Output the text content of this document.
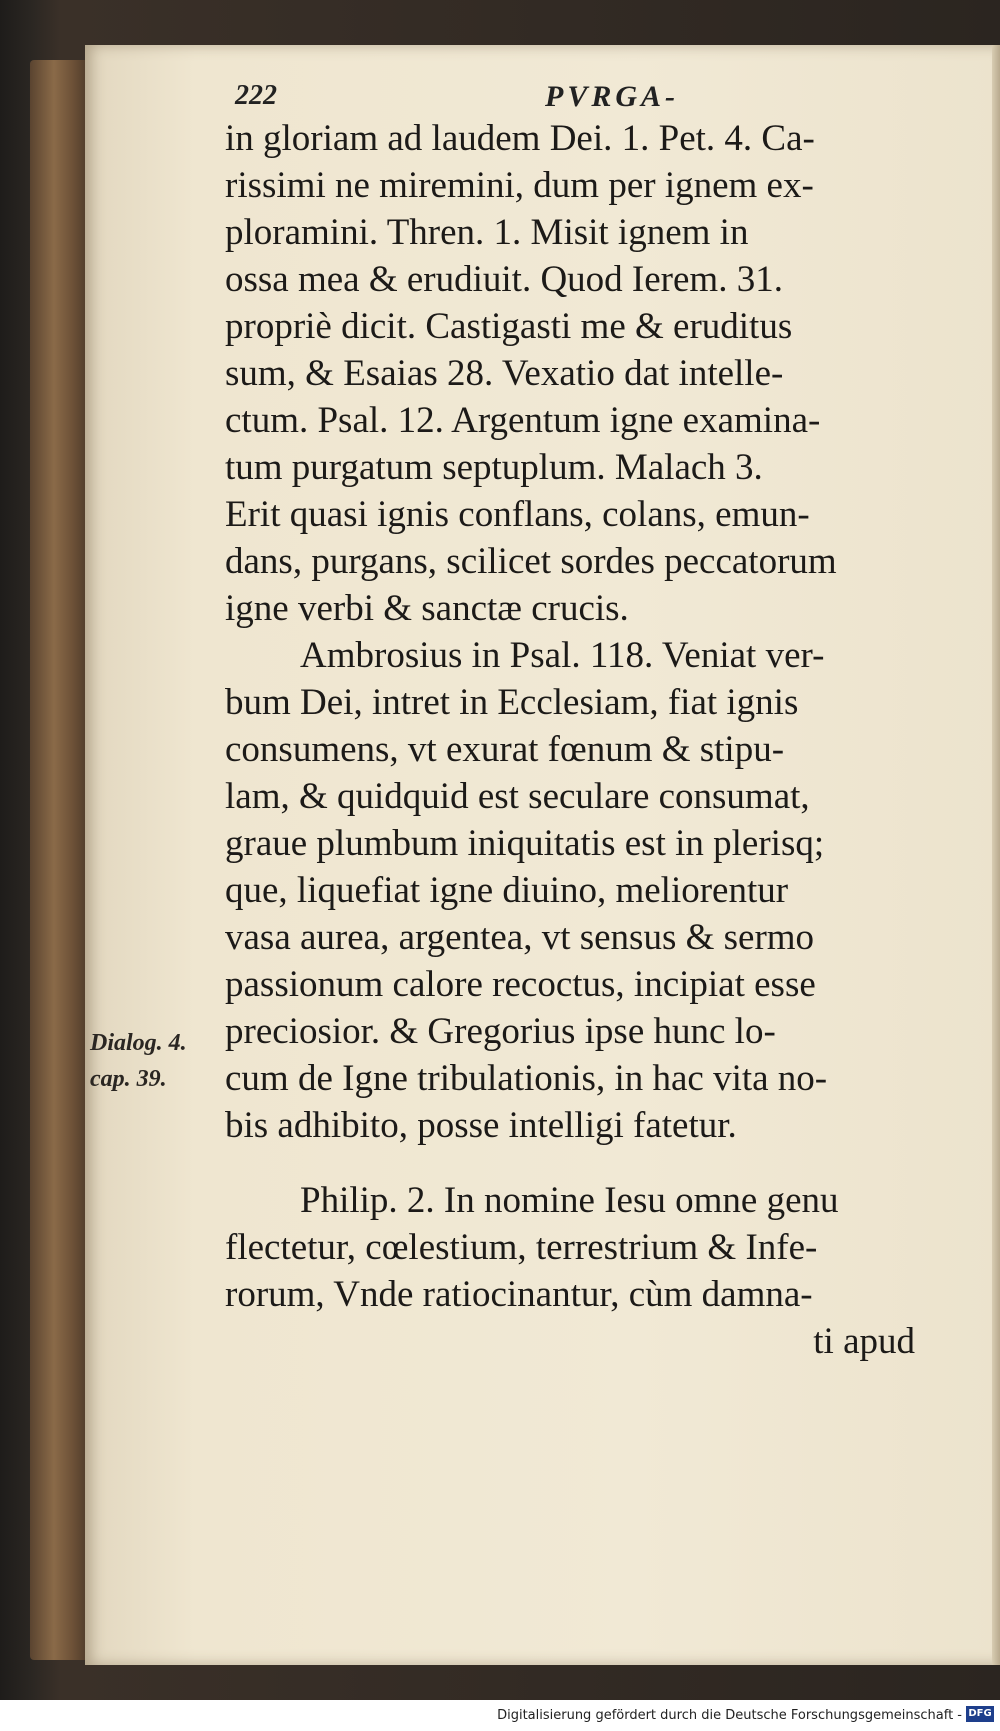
222	PVRGA-
in gloriam ad laudem Dei. 1. Pet. 4. Ca-
rissimi ne miremini, dum per ignem ex-
ploramini. Thren. 1. Misit ignem in
ossa mea & erudiuit. Quod Ierem. 31.
propriè dicit. Castigasti me & eruditus
sum, & Esaias 28. Vexatio dat intelle-
ctum. Psal. 12. Argentum igne examina-
tum purgatum septuplum. Malach 3.
Erit quasi ignis conflans, colans, emun-
dans, purgans, scilicet sordes peccatorum
igne verbi & sanctæ crucis.
Ambrosius in Psal. 118. Veniat ver-
bum Dei, intret in Ecclesiam, fiat ignis
consumens, vt exurat fœnum & stipu-
lam, & quidquid est seculare consumat,
graue plumbum iniquitatis est in plerisq;
que, liquefiat igne diuino, meliorentur
vasa aurea, argentea, vt sensus & sermo
passionum calore recoctus, incipiat esse
preciosior. & Gregorius ipse hunc lo-
cum de Igne tribulationis, in hac vita no-
bis adhibito, posse intelligi fatetur.
Philip. 2. In nomine Iesu omne genu
flectetur, cœlestium, terrestrium & Infe-
rorum, Vnde ratiocinantur, cùm damna-
ti apud
Dialog. 4.
cap. 39.
Digitalisierung gefördert durch die Deutsche Forschungsgemeinschaft - DFG
